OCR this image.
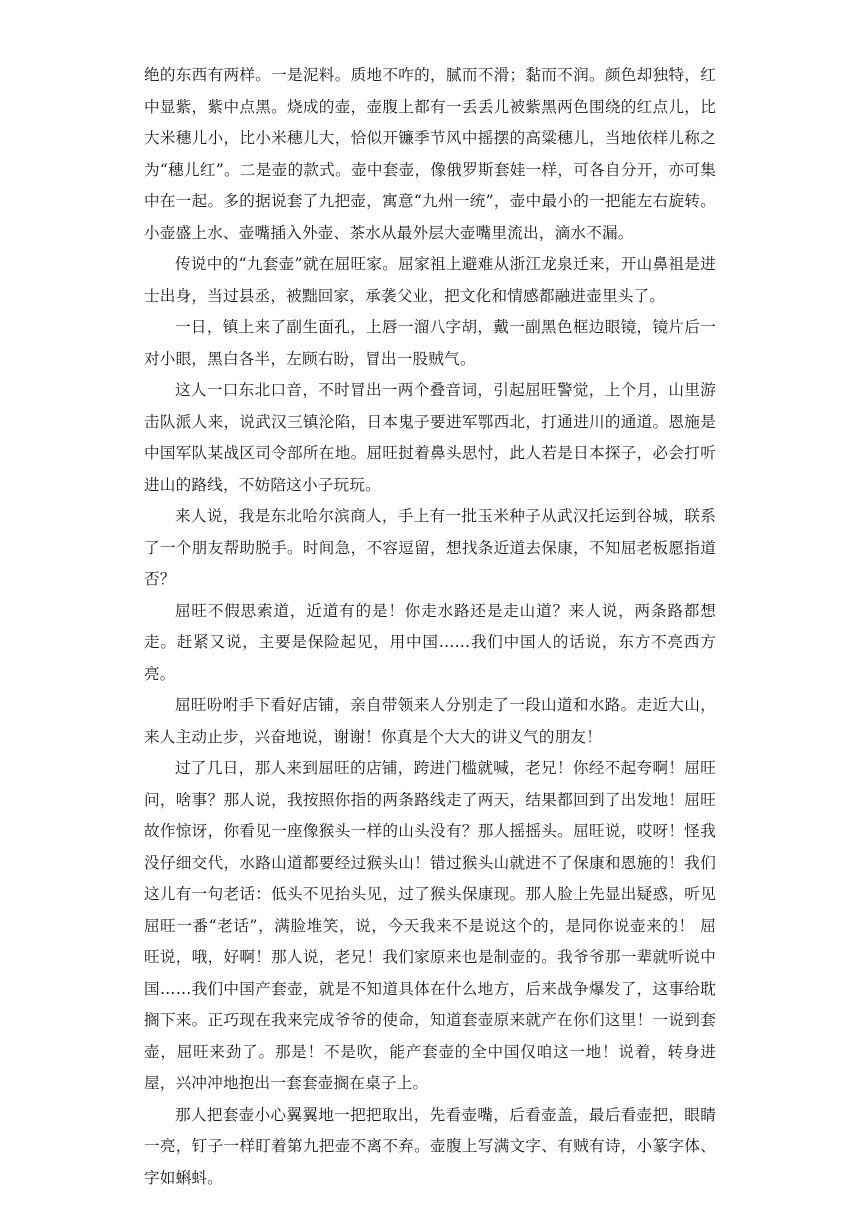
绝的东西有两样。一是泥料。质地不咋的，腻而不滑；黏而不润。颜色却独特，红中显紫，紫中点黑。烧成的壶，壶腹上都有一丢丢儿被紫黑两色围绕的红点儿，比大米穗儿小，比小米穗儿大，恰似开镰季节风中摇摆的高粱穗儿，当地依样儿称之为“穗儿红”。二是壶的款式。壶中套壶，像俄罗斯套娃一样，可各自分开，亦可集中在一起。多的据说套了九把壶，寓意“九州一统”，壶中最小的一把能左右旋转。小壶盛上水、壶嘴插入外壶、茶水从最外层大壶嘴里流出，滴水不漏。

传说中的“九套壶”就在屈旺家。屈家祖上避难从浙江龙泉迁来，开山鼻祖是进士出身，当过县丞，被黜回家，承袭父业，把文化和情感都融进壶里头了。

一日，镇上来了副生面孔，上唇一溜八字胡，戴一副黑色框边眼镜，镜片后一对小眼，黑白各半，左顾右盼，冒出一股贼气。

这人一口东北口音，不时冒出一两个叠音词，引起屈旺警觉，上个月，山里游击队派人来，说武汉三镇沦陷，日本鬼子要进军鄂西北，打通进川的通道。恩施是中国军队某战区司令部所在地。屈旺挝着鼻头思忖，此人若是日本探子，必会打听进山的路线，不妨陪这小子玩玩。

来人说，我是东北哈尔滨商人，手上有一批玉米种子从武汉托运到谷城，联系了一个朋友帮助脱手。时间急，不容逗留，想找条近道去保康，不知屈老板愿指道否？

屈旺不假思索道，近道有的是！你走水路还是走山道？来人说，两条路都想走。赶紧又说，主要是保险起见，用中国……我们中国人的话说，东方不亮西方亮。

屈旺吩咐手下看好店铺，亲自带领来人分别走了一段山道和水路。走近大山，来人主动止步，兴奋地说，谢谢！你真是个大大的讲义气的朋友！

过了几日，那人来到屈旺的店铺，跨进门槛就喊，老兄！你经不起夸啊！屈旺问，啥事？那人说，我按照你指的两条路线走了两天，结果都回到了出发地！屈旺故作惊讶，你看见一座像猴头一样的山头没有？那人摇摇头。屈旺说，哎呀！怪我没仔细交代，水路山道都要经过猴头山！错过猴头山就进不了保康和恩施的！我们这儿有一句老话：低头不见抬头见，过了猴头保康现。那人脸上先显出疑惑，听见屈旺一番“老话”，满脸堆笑，说，今天我来不是说这个的，是同你说壶来的！ 屈旺说，哦，好啊！那人说，老兄！我们家原来也是制壶的。我爷爷那一辈就听说中国……我们中国产套壶，就是不知道具体在什么地方，后来战争爆发了，这事给耽搁下来。正巧现在我来完成爷爷的使命，知道套壶原来就产在你们这里！一说到套壶，屈旺来劲了。那是！不是吹，能产套壶的全中国仅咱这一地！说着，转身进屋，兴冲冲地抱出一套套壶搁在桌子上。

那人把套壶小心翼翼地一把把取出，先看壶嘴，后看壶盖，最后看壶把，眼睛一亮，钉子一样盯着第九把壶不离不弃。壶腹上写满文字、有贼有诗，小篆字体、字如蝌蚪。
